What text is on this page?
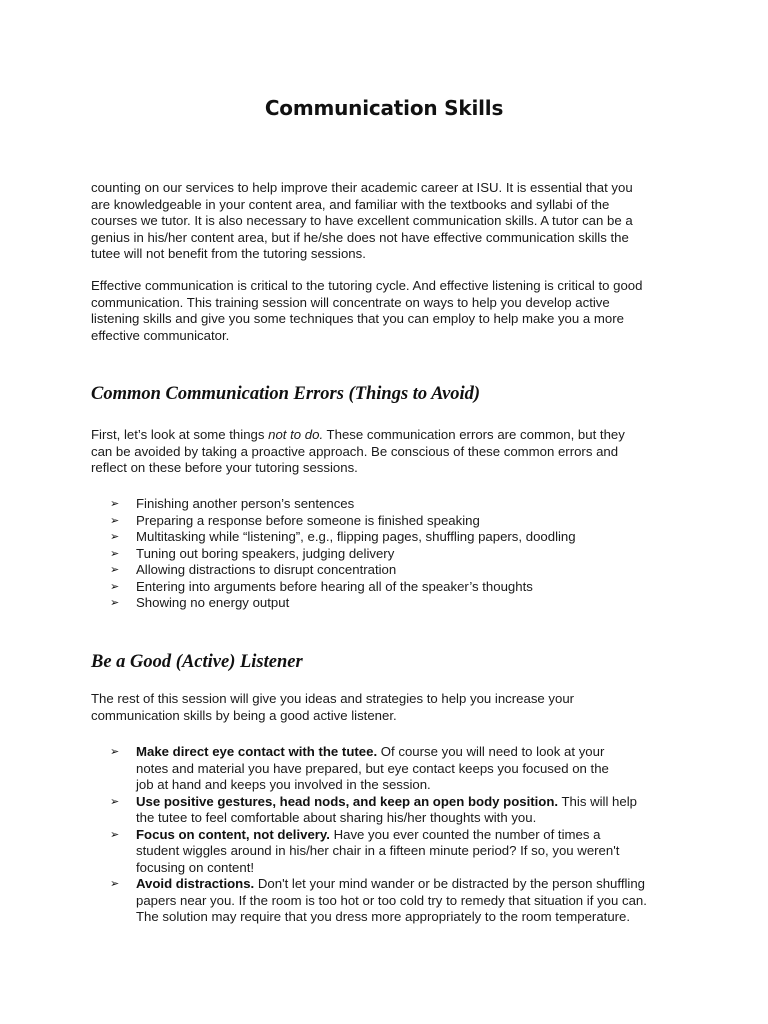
Communication Skills

counting on our services to help improve their academic career at ISU. It is essential that you
are knowledgeable in your content area, and familiar with the textbooks and syllabi of the
courses we tutor. It is also necessary to have excellent communication skills. A tutor can be a
genius in his/her content area, but if he/she does not have effective communication skills the
tutee will not benefit from the tutoring sessions.

Effective communication is critical to the tutoring cycle. And effective listening is critical to good
communication. This training session will concentrate on ways to help you develop active
listening skills and give you some techniques that you can employ to help make you a more
effective communicator.

Common Communication Errors (Things to Avoid)

First, let’s look at some things not to do. These communication errors are common, but they
can be avoided by taking a proactive approach. Be conscious of these common errors and
reflect on these before your tutoring sessions.

➢ Finishing another person’s sentences
➢ Preparing a response before someone is finished speaking
➢ Multitasking while “listening”, e.g., flipping pages, shuffling papers, doodling
➢ Tuning out boring speakers, judging delivery
➢ Allowing distractions to disrupt concentration
➢ Entering into arguments before hearing all of the speaker’s thoughts
➢ Showing no energy output
Be a Good (Active) Listener

The rest of this session will give you ideas and strategies to help you increase your
communication skills by being a good active listener.

➢ Make direct eye contact with the tutee. Of course you will need to look at your
notes and material you have prepared, but eye contact keeps you focused on the
job at hand and keeps you involved in the session.
➢ Use positive gestures, head nods, and keep an open body position. This will help
the tutee to feel comfortable about sharing his/her thoughts with you.
➢ Focus on content, not delivery. Have you ever counted the number of times a
student wiggles around in his/her chair in a fifteen minute period? If so, you weren't
focusing on content!
➢ Avoid distractions. Don't let your mind wander or be distracted by the person shuffling
papers near you. If the room is too hot or too cold try to remedy that situation if you can.
The solution may require that you dress more appropriately to the room temperature.
